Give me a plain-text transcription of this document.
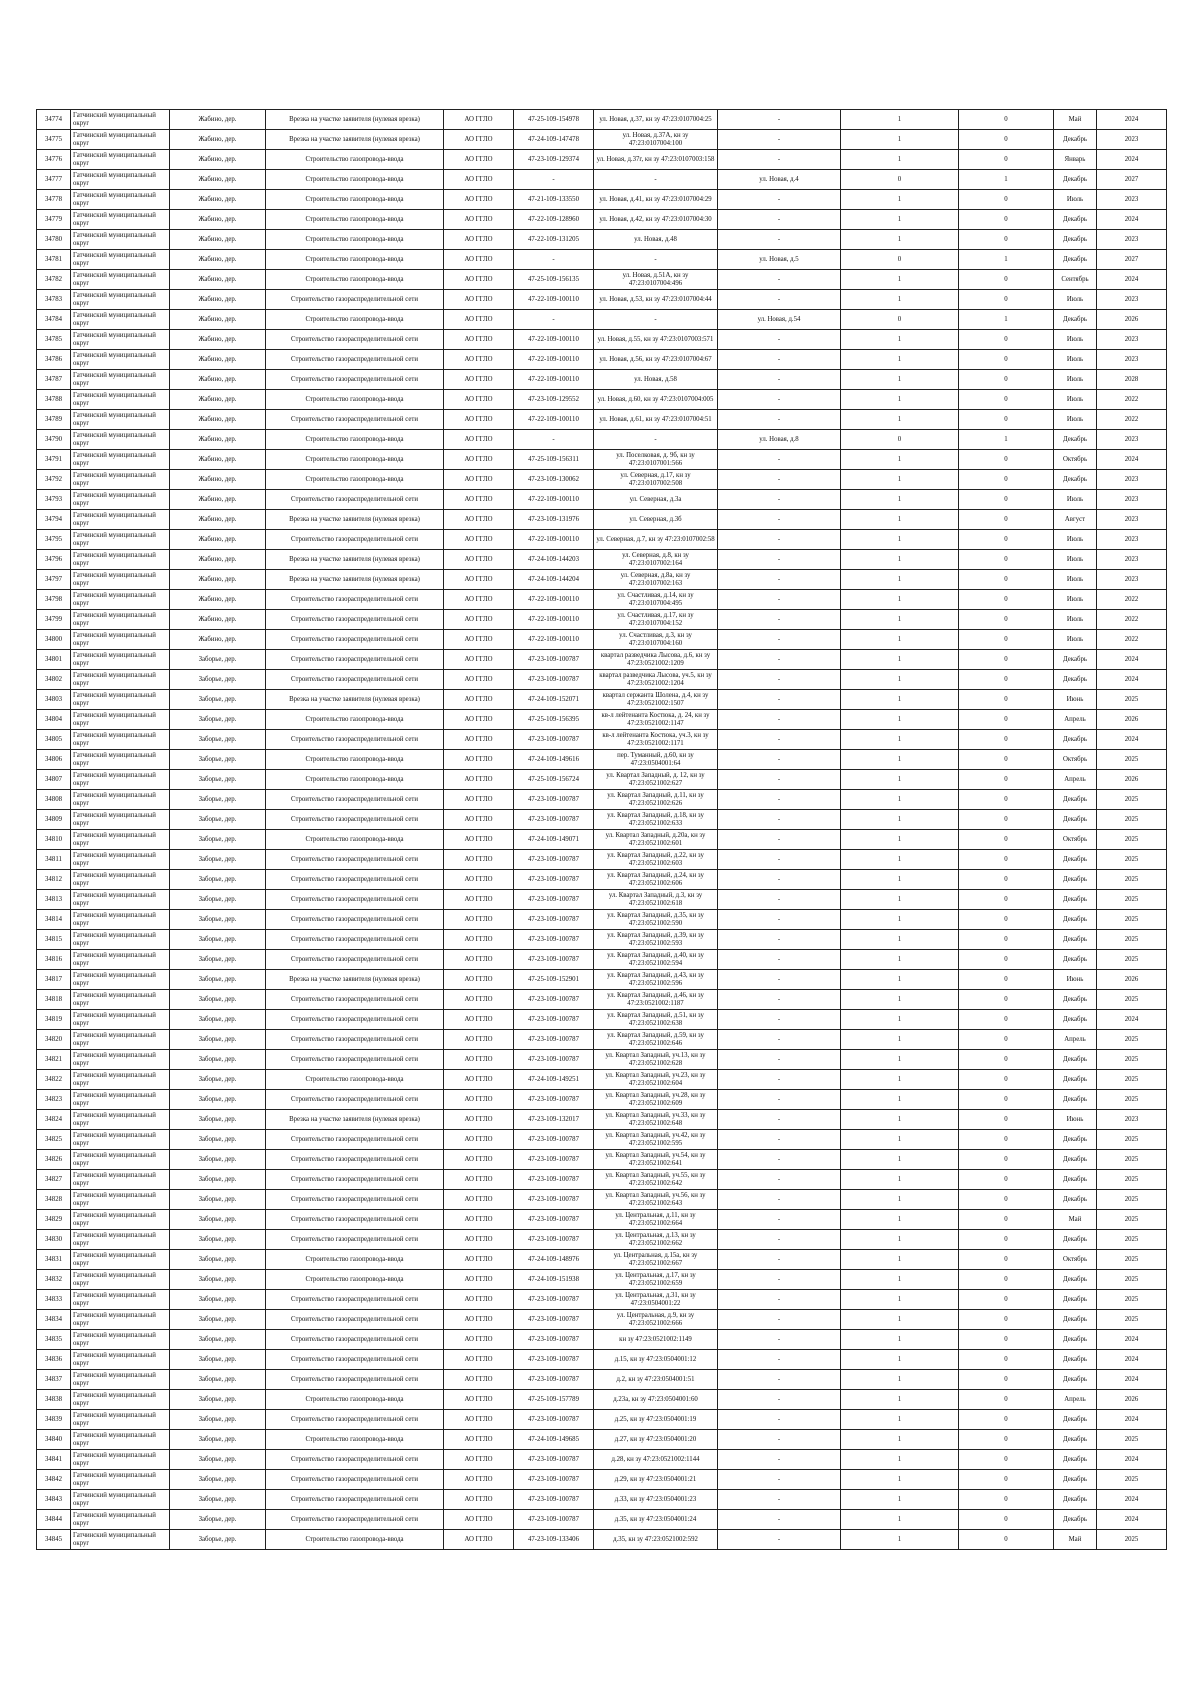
34774	Гатчинский муниципальный округ	Жабино, дер.	Врезка на участке заявителя (нулевая врезка)	АО ГГЛО	47-25-109-154978	ул. Новая, д.37, кн зу 47:23:0107004:25	-	1	0	Май	2024
34775	Гатчинский муниципальный округ	Жабино, дер.	Врезка на участке заявителя (нулевая врезка)	АО ГГЛО	47-24-109-147478	ул. Новая, д.37А, кн зу 47:23:0107004:100	-	1	0	Декабрь	2023
34776	Гатчинский муниципальный округ	Жабино, дер.	Строительство газопровода-ввода	АО ГГЛО	47-23-109-129374	ул. Новая, д.37г, кн зу 47:23:0107003:158	-	1	0	Январь	2024
34777	Гатчинский муниципальный округ	Жабино, дер.	Строительство газопровода-ввода	АО ГГЛО	-	-	ул. Новая, д.4	0	1	Декабрь	2027
34778	Гатчинский муниципальный округ	Жабино, дер.	Строительство газопровода-ввода	АО ГГЛО	47-21-109-133550	ул. Новая, д.41, кн зу 47:23:0107004:29	-	1	0	Июль	2023
34779	Гатчинский муниципальный округ	Жабино, дер.	Строительство газопровода-ввода	АО ГГЛО	47-22-109-128960	ул. Новая, д.42, кн зу 47:23:0107004:30	-	1	0	Декабрь	2024
34780	Гатчинский муниципальный округ	Жабино, дер.	Строительство газопровода-ввода	АО ГГЛО	47-22-109-131205	ул. Новая, д.48	-	1	0	Декабрь	2023
34781	Гатчинский муниципальный округ	Жабино, дер.	Строительство газопровода-ввода	АО ГГЛО	-	-	ул. Новая, д.5	0	1	Декабрь	2027
34782	Гатчинский муниципальный округ	Жабино, дер.	Строительство газопровода-ввода	АО ГГЛО	47-25-109-156135	ул. Новая, д.51А, кн зу 47:23:0107004:496	-	1	0	Сентябрь	2024
34783	Гатчинский муниципальный округ	Жабино, дер.	Строительство газораспределительной сети	АО ГГЛО	47-22-109-100110	ул. Новая, д.53, кн зу 47:23:0107004:44	-	1	0	Июль	2023
34784	Гатчинский муниципальный округ	Жабино, дер.	Строительство газопровода-ввода	АО ГГЛО	-	-	ул. Новая, д.54	0	1	Декабрь	2026
34785	Гатчинский муниципальный округ	Жабино, дер.	Строительство газораспределительной сети	АО ГГЛО	47-22-109-100110	ул. Новая, д.55, кн зу 47:23:0107003:571	-	1	0	Июль	2023
34786	Гатчинский муниципальный округ	Жабино, дер.	Строительство газораспределительной сети	АО ГГЛО	47-22-109-100110	ул. Новая, д.56, кн зу 47:23:0107004:67	-	1	0	Июль	2023
34787	Гатчинский муниципальный округ	Жабино, дер.	Строительство газораспределительной сети	АО ГГЛО	47-22-109-100110	ул. Новая, д.58	-	1	0	Июль	2028
34788	Гатчинский муниципальный округ	Жабино, дер.	Строительство газопровода-ввода	АО ГГЛО	47-23-109-129552	ул. Новая, д.60, кн зу 47:23:0107004:005	-	1	0	Июль	2022
34789	Гатчинский муниципальный округ	Жабино, дер.	Строительство газораспределительной сети	АО ГГЛО	47-22-109-100110	ул. Новая, д.61, кн зу 47:23:0107004:51	-	1	0	Июль	2022
34790	Гатчинский муниципальный округ	Жабино, дер.	Строительство газопровода-ввода	АО ГГЛО	-	-	ул. Новая, д.8	0	1	Декабрь	2023
34791	Гатчинский муниципальный округ	Жабино, дер.	Строительство газопровода-ввода	АО ГГЛО	47-25-109-156311	ул. Поселковая, д. 9б, кн зу 47:23:0107001:566	-	1	0	Октябрь	2024
34792	Гатчинский муниципальный округ	Жабино, дер.	Строительство газопровода-ввода	АО ГГЛО	47-23-109-130062	ул. Северная, д.17, кн зу 47:23:0107002:508	-	1	0	Декабрь	2023
34793	Гатчинский муниципальный округ	Жабино, дер.	Строительство газораспределительной сети	АО ГГЛО	47-22-109-100110	ул. Северная, д.3а	-	1	0	Июль	2023
34794	Гатчинский муниципальный округ	Жабино, дер.	Врезка на участке заявителя (нулевая врезка)	АО ГГЛО	47-23-109-131976	ул. Северная, д.3б	-	1	0	Август	2023
34795	Гатчинский муниципальный округ	Жабино, дер.	Строительство газораспределительной сети	АО ГГЛО	47-22-109-100110	ул. Северная, д.7, кн зу 47:23:0107002:58	-	1	0	Июль	2023
34796	Гатчинский муниципальный округ	Жабино, дер.	Врезка на участке заявителя (нулевая врезка)	АО ГГЛО	47-24-109-144203	ул. Северная, д.8, кн зу 47:23:0107002:164	-	1	0	Июль	2023
34797	Гатчинский муниципальный округ	Жабино, дер.	Врезка на участке заявителя (нулевая врезка)	АО ГГЛО	47-24-109-144204	ул. Северная, д.8а, кн зу 47:23:0107002:163	-	1	0	Июль	2023
34798	Гатчинский муниципальный округ	Жабино, дер.	Строительство газораспределительной сети	АО ГГЛО	47-22-109-100110	ул. Счастливая, д.14, кн зу 47:23:0107004:495	-	1	0	Июль	2022
34799	Гатчинский муниципальный округ	Жабино, дер.	Строительство газораспределительной сети	АО ГГЛО	47-22-109-100110	ул. Счастливая, д.17, кн зу 47:23:0107004:152	-	1	0	Июль	2022
34800	Гатчинский муниципальный округ	Жабино, дер.	Строительство газораспределительной сети	АО ГГЛО	47-22-109-100110	ул. Счастливая, д.3, кн зу 47:23:0107004:160	-	1	0	Июль	2022
34801	Гатчинский муниципальный округ	Заборье, дер.	Строительство газораспределительной сети	АО ГГЛО	47-23-109-100787	квартал разведчика Лысова, д.6, кн зу 47:23:0521002:1209	-	1	0	Декабрь	2024
34802	Гатчинский муниципальный округ	Заборье, дер.	Строительство газораспределительной сети	АО ГГЛО	47-23-109-100787	квартал разведчика Лысова, уч.5, кн зу 47:23:0521002:1204	-	1	0	Декабрь	2024
34803	Гатчинский муниципальный округ	Заборье, дер.	Врезка на участке заявителя (нулевая врезка)	АО ГГЛО	47-24-109-152071	квартал сержанта Шолена, д.4, кн зу 47:23:0521002:1507	-	1	0	Июнь	2025
34804	Гатчинский муниципальный округ	Заборье, дер.	Строительство газопровода-ввода	АО ГГЛО	47-25-109-156395	кв-л лейтенанта Костюка, д. 24, кн зу 47:23:0521002:1147	-	1	0	Апрель	2026
34805	Гатчинский муниципальный округ	Заборье, дер.	Строительство газораспределительной сети	АО ГГЛО	47-23-109-100787	кв-л лейтенанта Костюка, уч.3, кн зу 47:23:0521002:1171	-	1	0	Декабрь	2024
34806	Гатчинский муниципальный округ	Заборье, дер.	Строительство газопровода-ввода	АО ГГЛО	47-24-109-149616	пер. Туманный, д.60, кн зу 47:23:0504001:64	-	1	0	Октябрь	2025
34807	Гатчинский муниципальный округ	Заборье, дер.	Строительство газопровода-ввода	АО ГГЛО	47-25-109-156724	ул. Квартал Западный, д. 12, кн зу 47:23:0521002:627	-	1	0	Апрель	2026
34808	Гатчинский муниципальный округ	Заборье, дер.	Строительство газораспределительной сети	АО ГГЛО	47-23-109-100787	ул. Квартал Западный, д.11, кн зу 47:23:0521002:626	-	1	0	Декабрь	2025
34809	Гатчинский муниципальный округ	Заборье, дер.	Строительство газораспределительной сети	АО ГГЛО	47-23-109-100787	ул. Квартал Западный, д.18, кн зу 47:23:0521002:633	-	1	0	Декабрь	2025
34810	Гатчинский муниципальный округ	Заборье, дер.	Строительство газопровода-ввода	АО ГГЛО	47-24-109-149071	ул. Квартал Западный, д.20а, кн зу 47:23:0521002:601	-	1	0	Октябрь	2025
34811	Гатчинский муниципальный округ	Заборье, дер.	Строительство газораспределительной сети	АО ГГЛО	47-23-109-100787	ул. Квартал Западный, д.22, кн зу 47:23:0521002:603	-	1	0	Декабрь	2025
34812	Гатчинский муниципальный округ	Заборье, дер.	Строительство газораспределительной сети	АО ГГЛО	47-23-109-100787	ул. Квартал Западный, д.24, кн зу 47:23:0521002:606	-	1	0	Декабрь	2025
34813	Гатчинский муниципальный округ	Заборье, дер.	Строительство газораспределительной сети	АО ГГЛО	47-23-109-100787	ул. Квартал Западный, д.3, кн зу 47:23:0521002:618	-	1	0	Декабрь	2025
34814	Гатчинский муниципальный округ	Заборье, дер.	Строительство газораспределительной сети	АО ГГЛО	47-23-109-100787	ул. Квартал Западный, д.35, кн зу 47:23:0521002:590	-	1	0	Декабрь	2025
34815	Гатчинский муниципальный округ	Заборье, дер.	Строительство газораспределительной сети	АО ГГЛО	47-23-109-100787	ул. Квартал Западный, д.39, кн зу 47:23:0521002:593	-	1	0	Декабрь	2025
34816	Гатчинский муниципальный округ	Заборье, дер.	Строительство газораспределительной сети	АО ГГЛО	47-23-109-100787	ул. Квартал Западный, д.40, кн зу 47:23:0521002:594	-	1	0	Декабрь	2025
34817	Гатчинский муниципальный округ	Заборье, дер.	Врезка на участке заявителя (нулевая врезка)	АО ГГЛО	47-25-109-152901	ул. Квартал Западный, д.43, кн зу 47:23:0521002:596	-	1	0	Июнь	2026
34818	Гатчинский муниципальный округ	Заборье, дер.	Строительство газораспределительной сети	АО ГГЛО	47-23-109-100787	ул. Квартал Западный, д.46, кн зу 47:23:0521002:1187	-	1	0	Декабрь	2025
34819	Гатчинский муниципальный округ	Заборье, дер.	Строительство газораспределительной сети	АО ГГЛО	47-23-109-100787	ул. Квартал Западный, д.51, кн зу 47:23:0521002:638	-	1	0	Декабрь	2024
34820	Гатчинский муниципальный округ	Заборье, дер.	Строительство газораспределительной сети	АО ГГЛО	47-23-109-100787	ул. Квартал Западный, д.59, кн зу 47:23:0521002:646	-	1	0	Апрель	2025
34821	Гатчинский муниципальный округ	Заборье, дер.	Строительство газораспределительной сети	АО ГГЛО	47-23-109-100787	ул. Квартал Западный, уч.13, кн зу 47:23:0521002:628	-	1	0	Декабрь	2025
34822	Гатчинский муниципальный округ	Заборье, дер.	Строительство газопровода-ввода	АО ГГЛО	47-24-109-149251	ул. Квартал Западный, уч.23, кн зу 47:23:0521002:604	-	1	0	Декабрь	2025
34823	Гатчинский муниципальный округ	Заборье, дер.	Строительство газораспределительной сети	АО ГГЛО	47-23-109-100787	ул. Квартал Западный, уч.28, кн зу 47:23:0521002:609	-	1	0	Декабрь	2025
34824	Гатчинский муниципальный округ	Заборье, дер.	Врезка на участке заявителя (нулевая врезка)	АО ГГЛО	47-23-109-132017	ул. Квартал Западный, уч.33, кн зу 47:23:0521002:648	-	1	0	Июнь	2023
34825	Гатчинский муниципальный округ	Заборье, дер.	Строительство газораспределительной сети	АО ГГЛО	47-23-109-100787	ул. Квартал Западный, уч.42, кн зу 47:23:0521002:595	-	1	0	Декабрь	2025
34826	Гатчинский муниципальный округ	Заборье, дер.	Строительство газораспределительной сети	АО ГГЛО	47-23-109-100787	ул. Квартал Западный, уч.54, кн зу 47:23:0521002:641	-	1	0	Декабрь	2025
34827	Гатчинский муниципальный округ	Заборье, дер.	Строительство газораспределительной сети	АО ГГЛО	47-23-109-100787	ул. Квартал Западный, уч.55, кн зу 47:23:0521002:642	-	1	0	Декабрь	2025
34828	Гатчинский муниципальный округ	Заборье, дер.	Строительство газораспределительной сети	АО ГГЛО	47-23-109-100787	ул. Квартал Западный, уч.56, кн зу 47:23:0521002:643	-	1	0	Декабрь	2025
34829	Гатчинский муниципальный округ	Заборье, дер.	Строительство газораспределительной сети	АО ГГЛО	47-23-109-100787	ул. Центральная, д.11, кн зу 47:23:0521002:664	-	1	0	Май	2025
34830	Гатчинский муниципальный округ	Заборье, дер.	Строительство газораспределительной сети	АО ГГЛО	47-23-109-100787	ул. Центральная, д.13, кн зу 47:23:0521002:662	-	1	0	Декабрь	2025
34831	Гатчинский муниципальный округ	Заборье, дер.	Строительство газопровода-ввода	АО ГГЛО	47-24-109-148976	ул. Центральная, д.15а, кн зу 47:23:0521002:667	-	1	0	Октябрь	2025
34832	Гатчинский муниципальный округ	Заборье, дер.	Строительство газопровода-ввода	АО ГГЛО	47-24-109-151938	ул. Центральная, д.17, кн зу 47:23:0521002:659	-	1	0	Декабрь	2025
34833	Гатчинский муниципальный округ	Заборье, дер.	Строительство газораспределительной сети	АО ГГЛО	47-23-109-100787	ул. Центральная, д.31, кн зу 47:23:0504001:22	-	1	0	Декабрь	2025
34834	Гатчинский муниципальный округ	Заборье, дер.	Строительство газораспределительной сети	АО ГГЛО	47-23-109-100787	ул. Центральная, д.9, кн зу 47:23:0521002:666	-	1	0	Декабрь	2025
34835	Гатчинский муниципальный округ	Заборье, дер.	Строительство газораспределительной сети	АО ГГЛО	47-23-109-100787	кн зу 47:23:0521002:1149	-	1	0	Декабрь	2024
34836	Гатчинский муниципальный округ	Заборье, дер.	Строительство газораспределительной сети	АО ГГЛО	47-23-109-100787	д.15, кн зу 47:23:0504001:12	-	1	0	Декабрь	2024
34837	Гатчинский муниципальный округ	Заборье, дер.	Строительство газораспределительной сети	АО ГГЛО	47-23-109-100787	д.2, кн зу 47:23:0504001:51	-	1	0	Декабрь	2024
34838	Гатчинский муниципальный округ	Заборье, дер.	Строительство газопровода-ввода	АО ГГЛО	47-25-109-157789	д.23а, кн зу 47:23:0504001:60	-	1	0	Апрель	2026
34839	Гатчинский муниципальный округ	Заборье, дер.	Строительство газораспределительной сети	АО ГГЛО	47-23-109-100787	д.25, кн зу 47:23:0504001:19	-	1	0	Декабрь	2024
34840	Гатчинский муниципальный округ	Заборье, дер.	Строительство газопровода-ввода	АО ГГЛО	47-24-109-149685	д.27, кн зу 47:23:0504001:20	-	1	0	Декабрь	2025
34841	Гатчинский муниципальный округ	Заборье, дер.	Строительство газораспределительной сети	АО ГГЛО	47-23-109-100787	д.28, кн зу 47:23:0521002:1144	-	1	0	Декабрь	2024
34842	Гатчинский муниципальный округ	Заборье, дер.	Строительство газораспределительной сети	АО ГГЛО	47-23-109-100787	д.29, кн зу 47:23:0504001:21	-	1	0	Декабрь	2025
34843	Гатчинский муниципальный округ	Заборье, дер.	Строительство газораспределительной сети	АО ГГЛО	47-23-109-100787	д.33, кн зу 47:23:0504001:23	-	1	0	Декабрь	2024
34844	Гатчинский муниципальный округ	Заборье, дер.	Строительство газораспределительной сети	АО ГГЛО	47-23-109-100787	д.35, кн зу 47:23:0504001:24	-	1	0	Декабрь	2024
34845	Гатчинский муниципальный округ	Заборье, дер.	Строительство газопровода-ввода	АО ГГЛО	47-23-109-133406	д.35, кн зу 47:23:0521002:592	-	1	0	Май	2025
